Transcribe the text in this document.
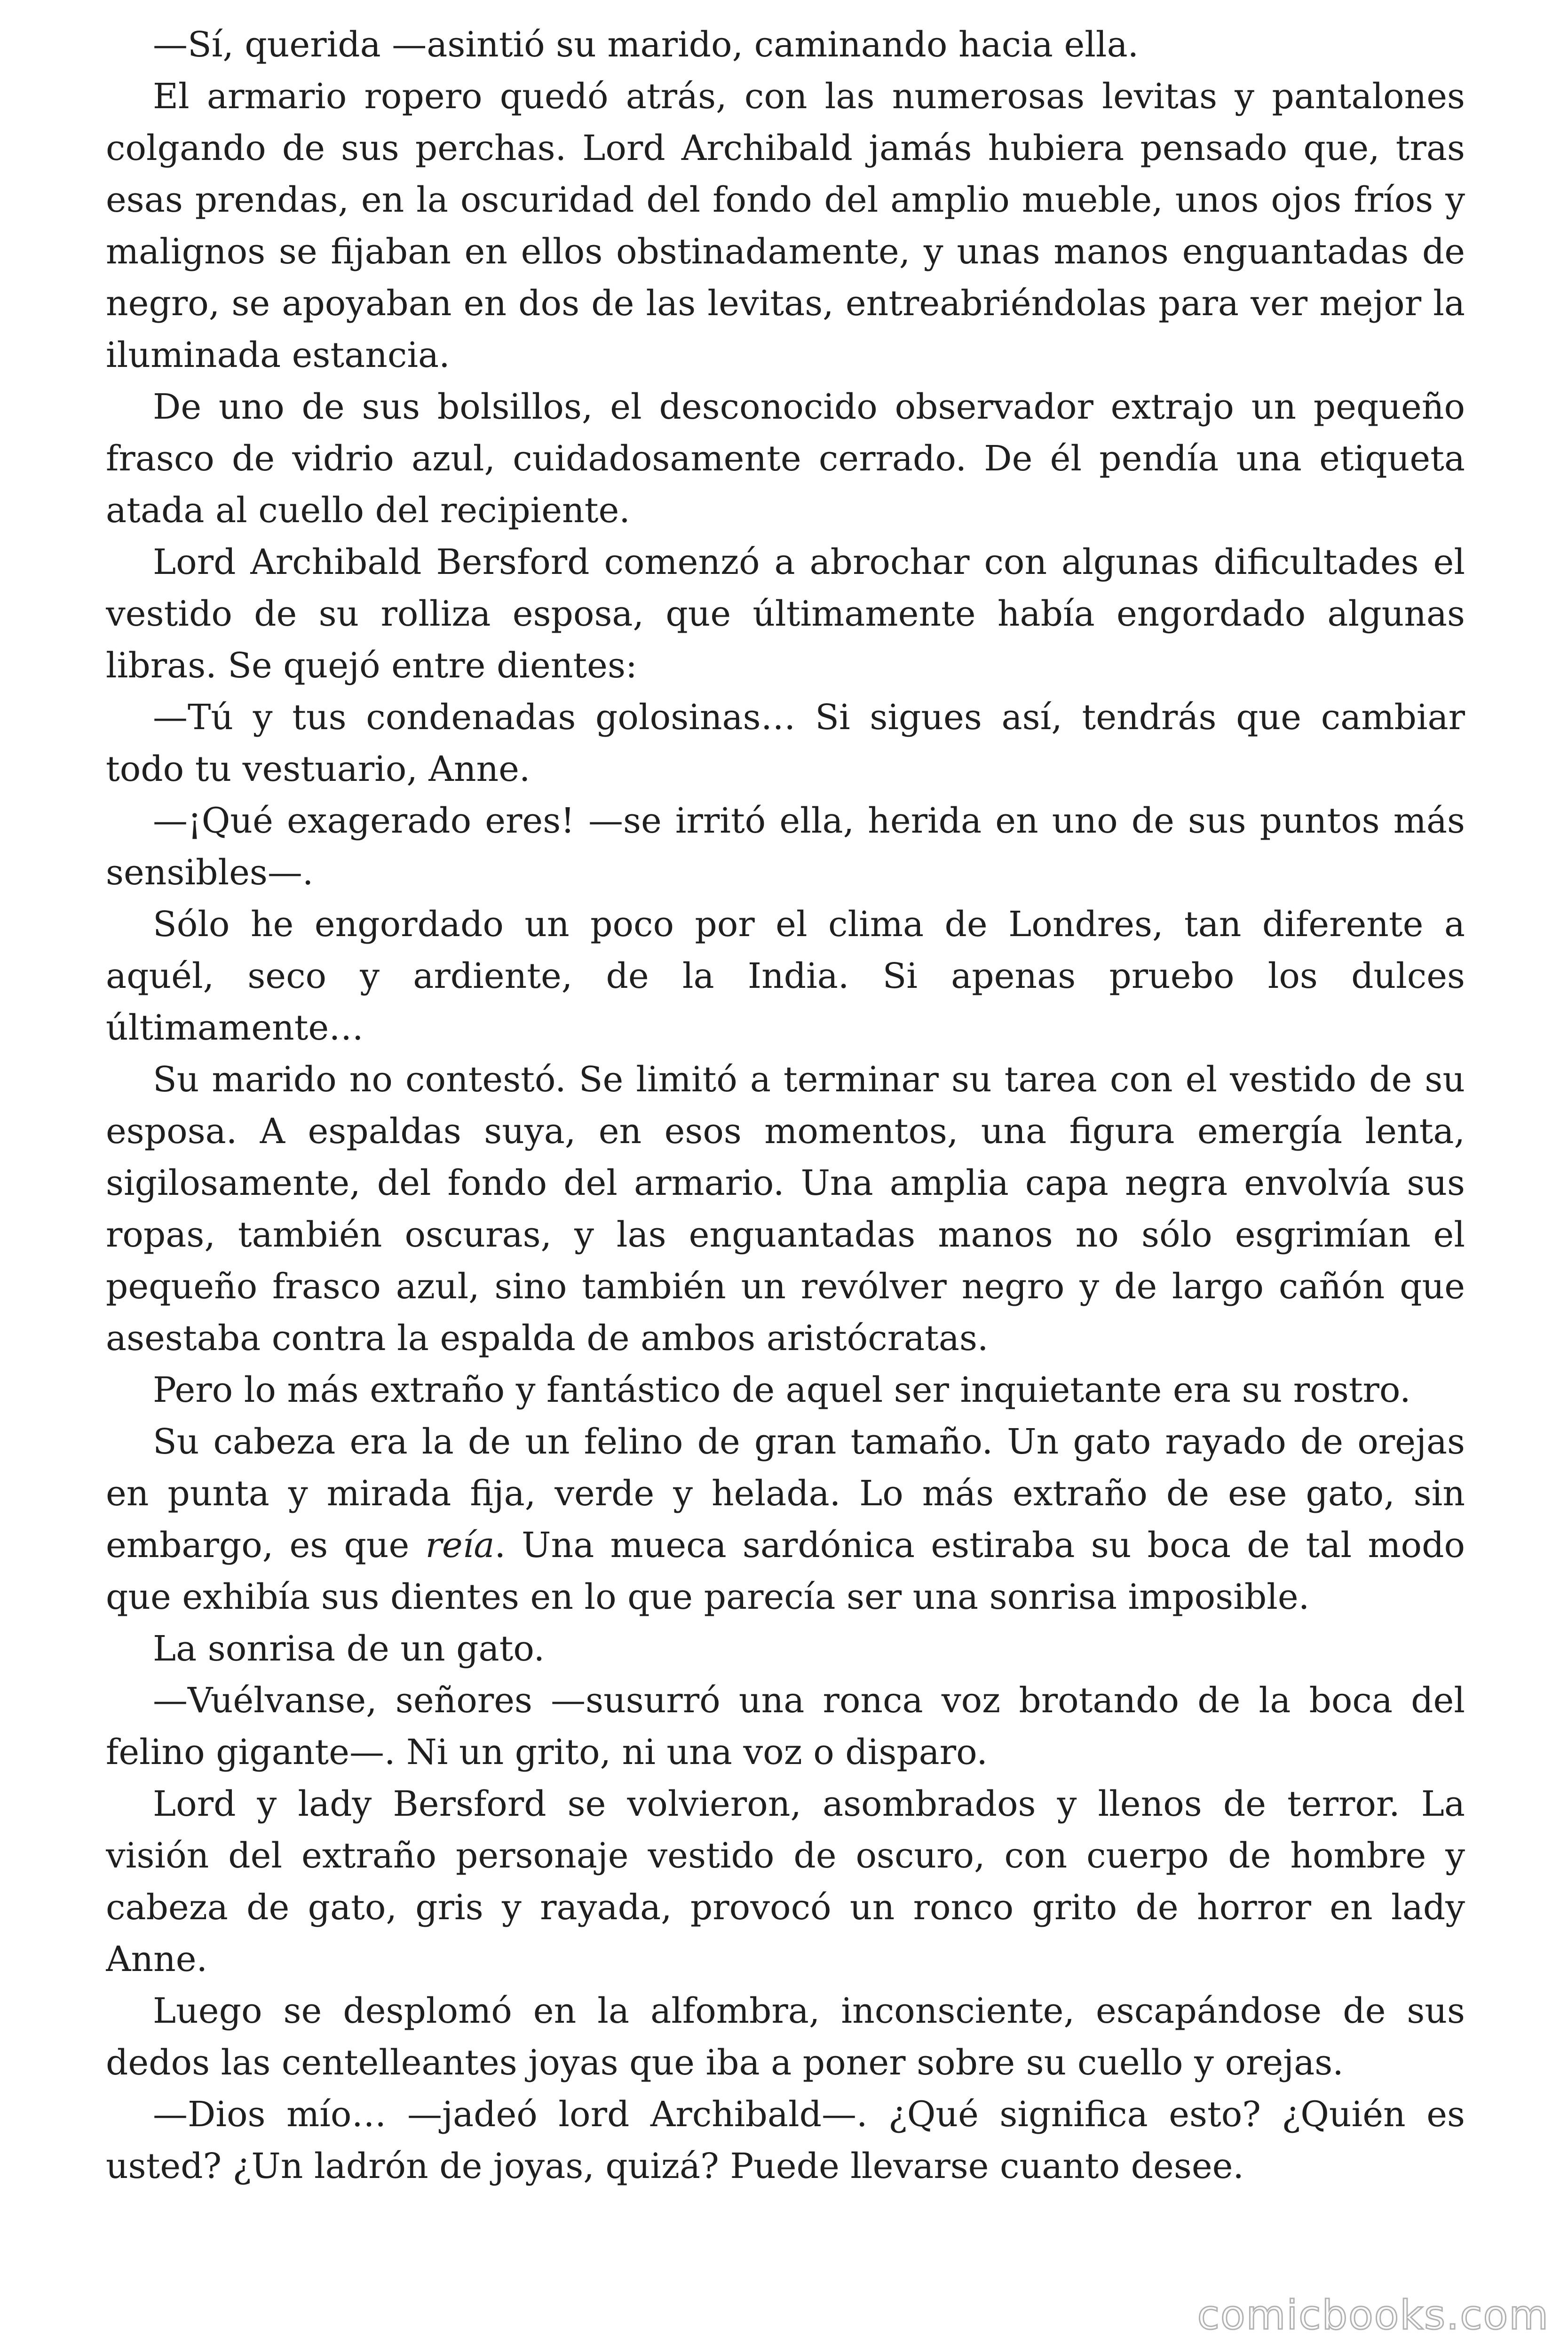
—Sí, querida —asintió su marido, caminando hacia ella.

El armario ropero quedó atrás, con las numerosas levitas y pantalones colgando de sus perchas. Lord Archibald jamás hubiera pensado que, tras esas prendas, en la oscuridad del fondo del amplio mueble, unos ojos fríos y malignos se fijaban en ellos obstinadamente, y unas manos enguantadas de negro, se apoyaban en dos de las levitas, entreabriéndolas para ver mejor la iluminada estancia.

De uno de sus bolsillos, el desconocido observador extrajo un pequeño frasco de vidrio azul, cuidadosamente cerrado. De él pendía una etiqueta atada al cuello del recipiente.

Lord Archibald Bersford comenzó a abrochar con algunas dificultades el vestido de su rolliza esposa, que últimamente había engordado algunas libras. Se quejó entre dientes:

—Tú y tus condenadas golosinas… Si sigues así, tendrás que cambiar todo tu vestuario, Anne.

—¡Qué exagerado eres! —se irritó ella, herida en uno de sus puntos más sensibles—.

Sólo he engordado un poco por el clima de Londres, tan diferente a aquél, seco y ardiente, de la India. Si apenas pruebo los dulces últimamente…

Su marido no contestó. Se limitó a terminar su tarea con el vestido de su esposa. A espaldas suya, en esos momentos, una figura emergía lenta, sigilosamente, del fondo del armario. Una amplia capa negra envolvía sus ropas, también oscuras, y las enguantadas manos no sólo esgrimían el pequeño frasco azul, sino también un revólver negro y de largo cañón que asestaba contra la espalda de ambos aristócratas.

Pero lo más extraño y fantástico de aquel ser inquietante era su rostro.

Su cabeza era la de un felino de gran tamaño. Un gato rayado de orejas en punta y mirada fija, verde y helada. Lo más extraño de ese gato, sin embargo, es que reía. Una mueca sardónica estiraba su boca de tal modo que exhibía sus dientes en lo que parecía ser una sonrisa imposible.

La sonrisa de un gato.

—Vuélvanse, señores —susurró una ronca voz brotando de la boca del felino gigante—. Ni un grito, ni una voz o disparo.

Lord y lady Bersford se volvieron, asombrados y llenos de terror. La visión del extraño personaje vestido de oscuro, con cuerpo de hombre y cabeza de gato, gris y rayada, provocó un ronco grito de horror en lady Anne.

Luego se desplomó en la alfombra, inconsciente, escapándose de sus dedos las centelleantes joyas que iba a poner sobre su cuello y orejas.

—Dios mío… —jadeó lord Archibald—. ¿Qué significa esto? ¿Quién es usted? ¿Un ladrón de joyas, quizá? Puede llevarse cuanto desee.

comicbooks.com
